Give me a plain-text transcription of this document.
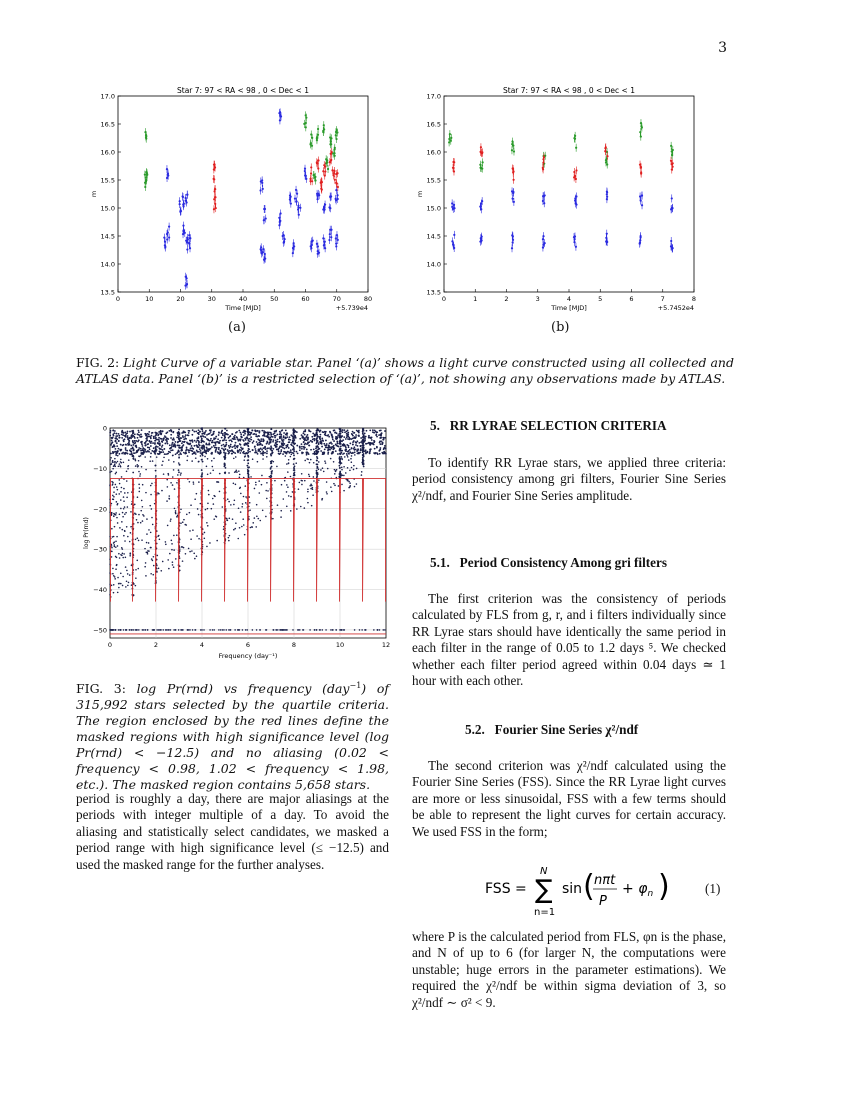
3
Star 7: 97 < RA < 98 , 0 < Dec < 1
0	10	20	30	40	50	60	70	80
13.5
14.0
14.5
15.0
15.5
16.0
16.5
17.0
Time [MJD]	+5.739e4
m
(a)
Star 7: 97 < RA < 98 , 0 < Dec < 1
0	1	2	3	4	5	6	7	8
13.5
14.0
14.5
15.0
15.5
16.0
16.5
17.0
Time [MJD]	+5.7452e4
m
(b)
FIG. 2: Light Curve of a variable star. Panel ‘(a)’ shows a light curve constructed using all collected and ATLAS data. Panel ‘(b)’ is a restricted selection of ‘(a)’, not showing any observations made by ATLAS.
0	2	4	6	8	10	12
0
−10
−20
−30
−40
−50
Frequency (day⁻¹)
log Pr(rnd)
FIG. 3: log Pr(rnd) vs frequency (day$^{-1}$) of 315,992 stars selected by the quartile criteria. The region enclosed by the red lines define the masked regions with high significance level (log Pr(rnd) < −12.5) and no aliasing (0.02 < frequency < 0.98, 1.02 < frequency < 1.98, etc.). The masked region contains 5,658 stars.
period is roughly a day, there are major aliasings at the periods with integer multiple of a day. To avoid the aliasing and statistically select candidates, we masked a period range with high significance level (≤ −12.5) and used the masked range for the further analyses.
5.   RR LYRAE SELECTION CRITERIA
To identify RR Lyrae stars, we applied three criteria: period consistency among gri filters, Fourier Sine Series χ²/ndf, and Fourier Sine Series amplitude.
5.1.   Period Consistency Among gri filters
The first criterion was the consistency of periods calculated by FLS from g, r, and i filters individually since RR Lyrae stars should have identically the same period in each filter in the range of 0.05 to 1.2 days ⁵. We checked whether each filter period agreed within 0.04 days ≃ 1 hour with each other.
5.2.   Fourier Sine Series χ²/ndf
The second criterion was χ²/ndf calculated using the Fourier Sine Series (FSS). Since the RR Lyrae light curves are more or less sinusoidal, FSS with a few terms should be able to represent the light curves for certain accuracy. We used FSS in the form;
FSS = ∑
N
n=1
sin ( nπt
P
+ $\varphi_n$ )	(1)
where P is the calculated period from FLS, φn is the phase, and N of up to 6 (for larger N, the computations were unstable; huge errors in the parameter estimations). We required the χ²/ndf be within sigma deviation of 3, so χ²/ndf ∼ σ² < 9.
